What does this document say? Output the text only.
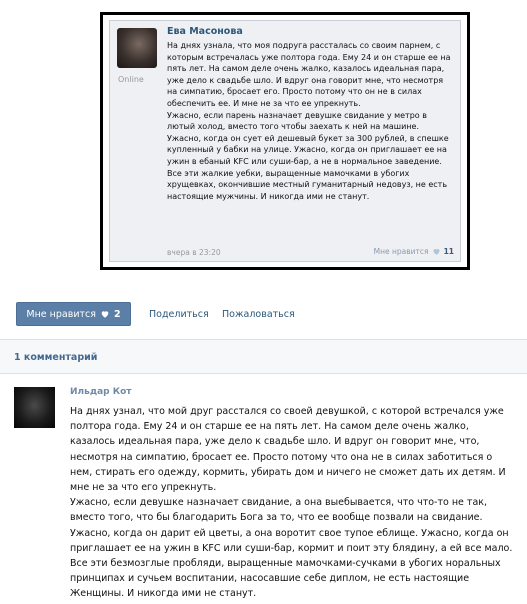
Online
Ева Масонова

На днях узнала, что моя подруга рассталась со своим парнем, с которым встречалась уже полтора года. Ему 24 и он старше ее на пять лет. На самом деле очень жалко, казалось идеальная пара, уже дело к свадьбе шло. И вдруг она говорит мне, что несмотря на симпатию, бросает его. Просто потому что он не в силах обеспечить ее. И мне не за что ее упрекнуть.

Ужасно, если парень назначает девушке свидание у метро в лютый холод, вместо того чтобы заехать к ней на машине. Ужасно, когда он сует ей дешевый букет за 300 рублей, в спешке купленный у бабки на улице. Ужасно, когда он приглашает ее на ужин в ебаный KFC или суши-бар, а не в нормальное заведение. Все эти жалкие уебки, выращенные мамочками в убогих хрущевках, окончившие местный гуманитарный недовуз, не есть настоящие мужчины. И никогда ими не станут.

вчера в 23:20	Мне нравится 11
Мне нравится 2	Поделиться Пожаловаться
1 комментарий
Ильдар Кот

На днях узнал, что мой друг расстался со своей девушкой, с которой встречался уже полтора года. Ему 24 и он старше ее на пять лет. На самом деле очень жалко, казалось идеальная пара, уже дело к свадьбе шло. И вдруг он говорит мне, что, несмотря на симпатию, бросает ее. Просто потому что она не в силах заботиться о нем, стирать его одежду, кормить, убирать дом и ничего не сможет дать их детям. И мне не за что его упрекнуть.

Ужасно, если девушке назначает свидание, а она выебывается, что что-то не так, вместо того, что бы благодарить Бога за то, что ее вообще позвали на свидание. Ужасно, когда он дарит ей цветы, а она воротит свое тупое еблище. Ужасно, когда он приглашает ее на ужин в KFC или суши-бар, кормит и поит эту блядину, а ей все мало. Все эти безмозглые пробляди, выращенные мамочками-сучками в убогих норальных принципах и сучьем воспитании, насосавшие себе диплом, не есть настоящие Женщины. И никогда ими не станут.
